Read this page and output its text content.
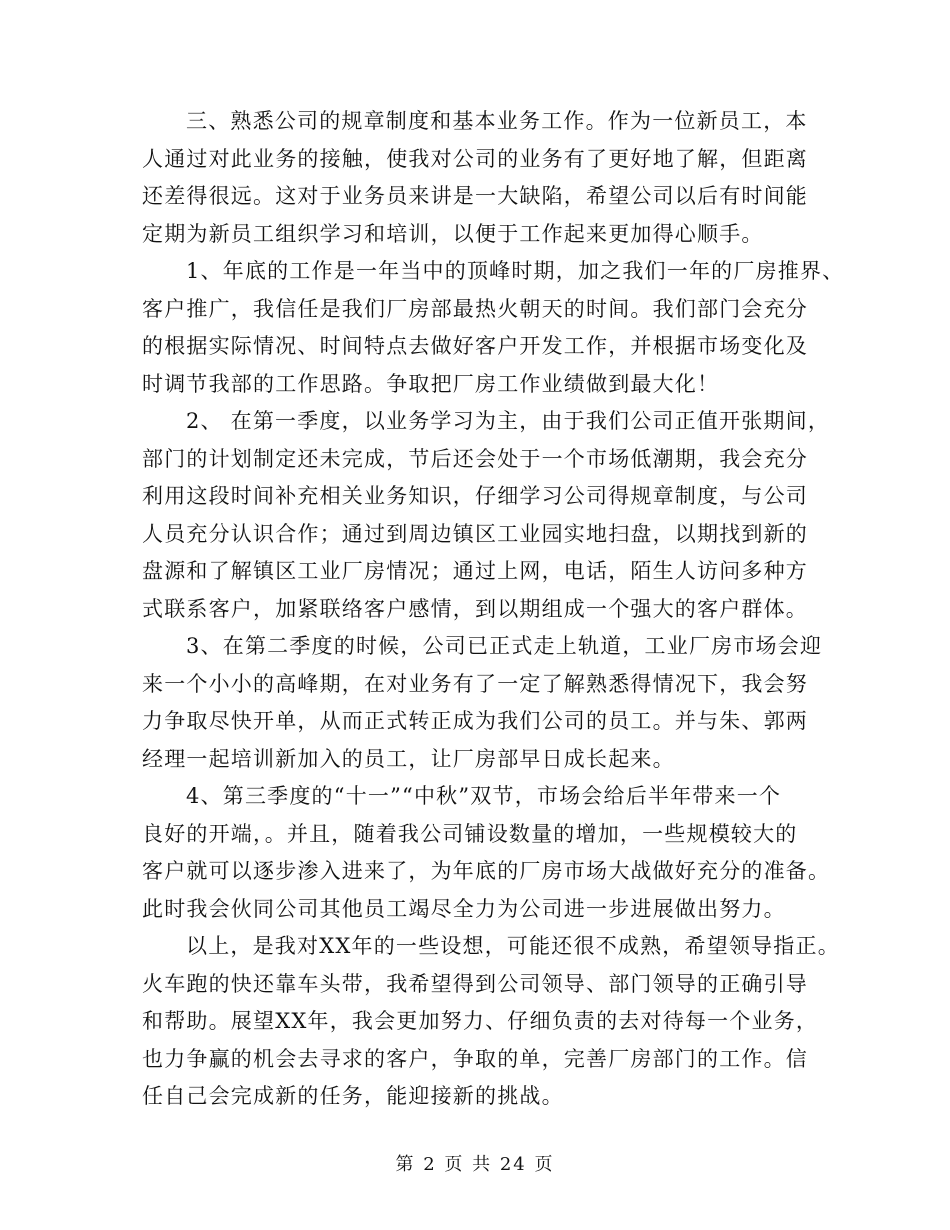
三、熟悉公司的规章制度和基本业务工作。作为一位新员工，本
人通过对此业务的接触，使我对公司的业务有了更好地了解，但距离
还差得很远。这对于业务员来讲是一大缺陷，希望公司以后有时间能
定期为新员工组织学习和培训，以便于工作起来更加得心顺手。
1、年底的工作是一年当中的顶峰时期，加之我们一年的厂房推界、
客户推广，我信任是我们厂房部最热火朝天的时间。我们部门会充分
的根据实际情况、时间特点去做好客户开发工作，并根据市场变化及
时调节我部的工作思路。争取把厂房工作业绩做到最大化！
2、 在第一季度，以业务学习为主，由于我们公司正值开张期间，
部门的计划制定还未完成，节后还会处于一个市场低潮期，我会充分
利用这段时间补充相关业务知识，仔细学习公司得规章制度，与公司
人员充分认识合作；通过到周边镇区工业园实地扫盘，以期找到新的
盘源和了解镇区工业厂房情况；通过上网，电话，陌生人访问多种方
式联系客户，加紧联络客户感情，到以期组成一个强大的客户群体。
3、在第二季度的时候，公司已正式走上轨道，工业厂房市场会迎
来一个小小的高峰期，在对业务有了一定了解熟悉得情况下，我会努
力争取尽快开单，从而正式转正成为我们公司的员工。并与朱、郭两
经理一起培训新加入的员工，让厂房部早日成长起来。
4、第三季度的“十一”“中秋”双节，市场会给后半年带来一个
良好的开端，。并且，随着我公司铺设数量的增加，一些规模较大的
客户就可以逐步渗入进来了，为年底的厂房市场大战做好充分的准备。
此时我会伙同公司其他员工竭尽全力为公司进一步进展做出努力。
以上，是我对XX年的一些设想，可能还很不成熟，希望领导指正。
火车跑的快还靠车头带，我希望得到公司领导、部门领导的正确引导
和帮助。展望XX年，我会更加努力、仔细负责的去对待每一个业务，
也力争赢的机会去寻求的客户，争取的单，完善厂房部门的工作。信
任自己会完成新的任务，能迎接新的挑战。
第 2 页 共 24 页
